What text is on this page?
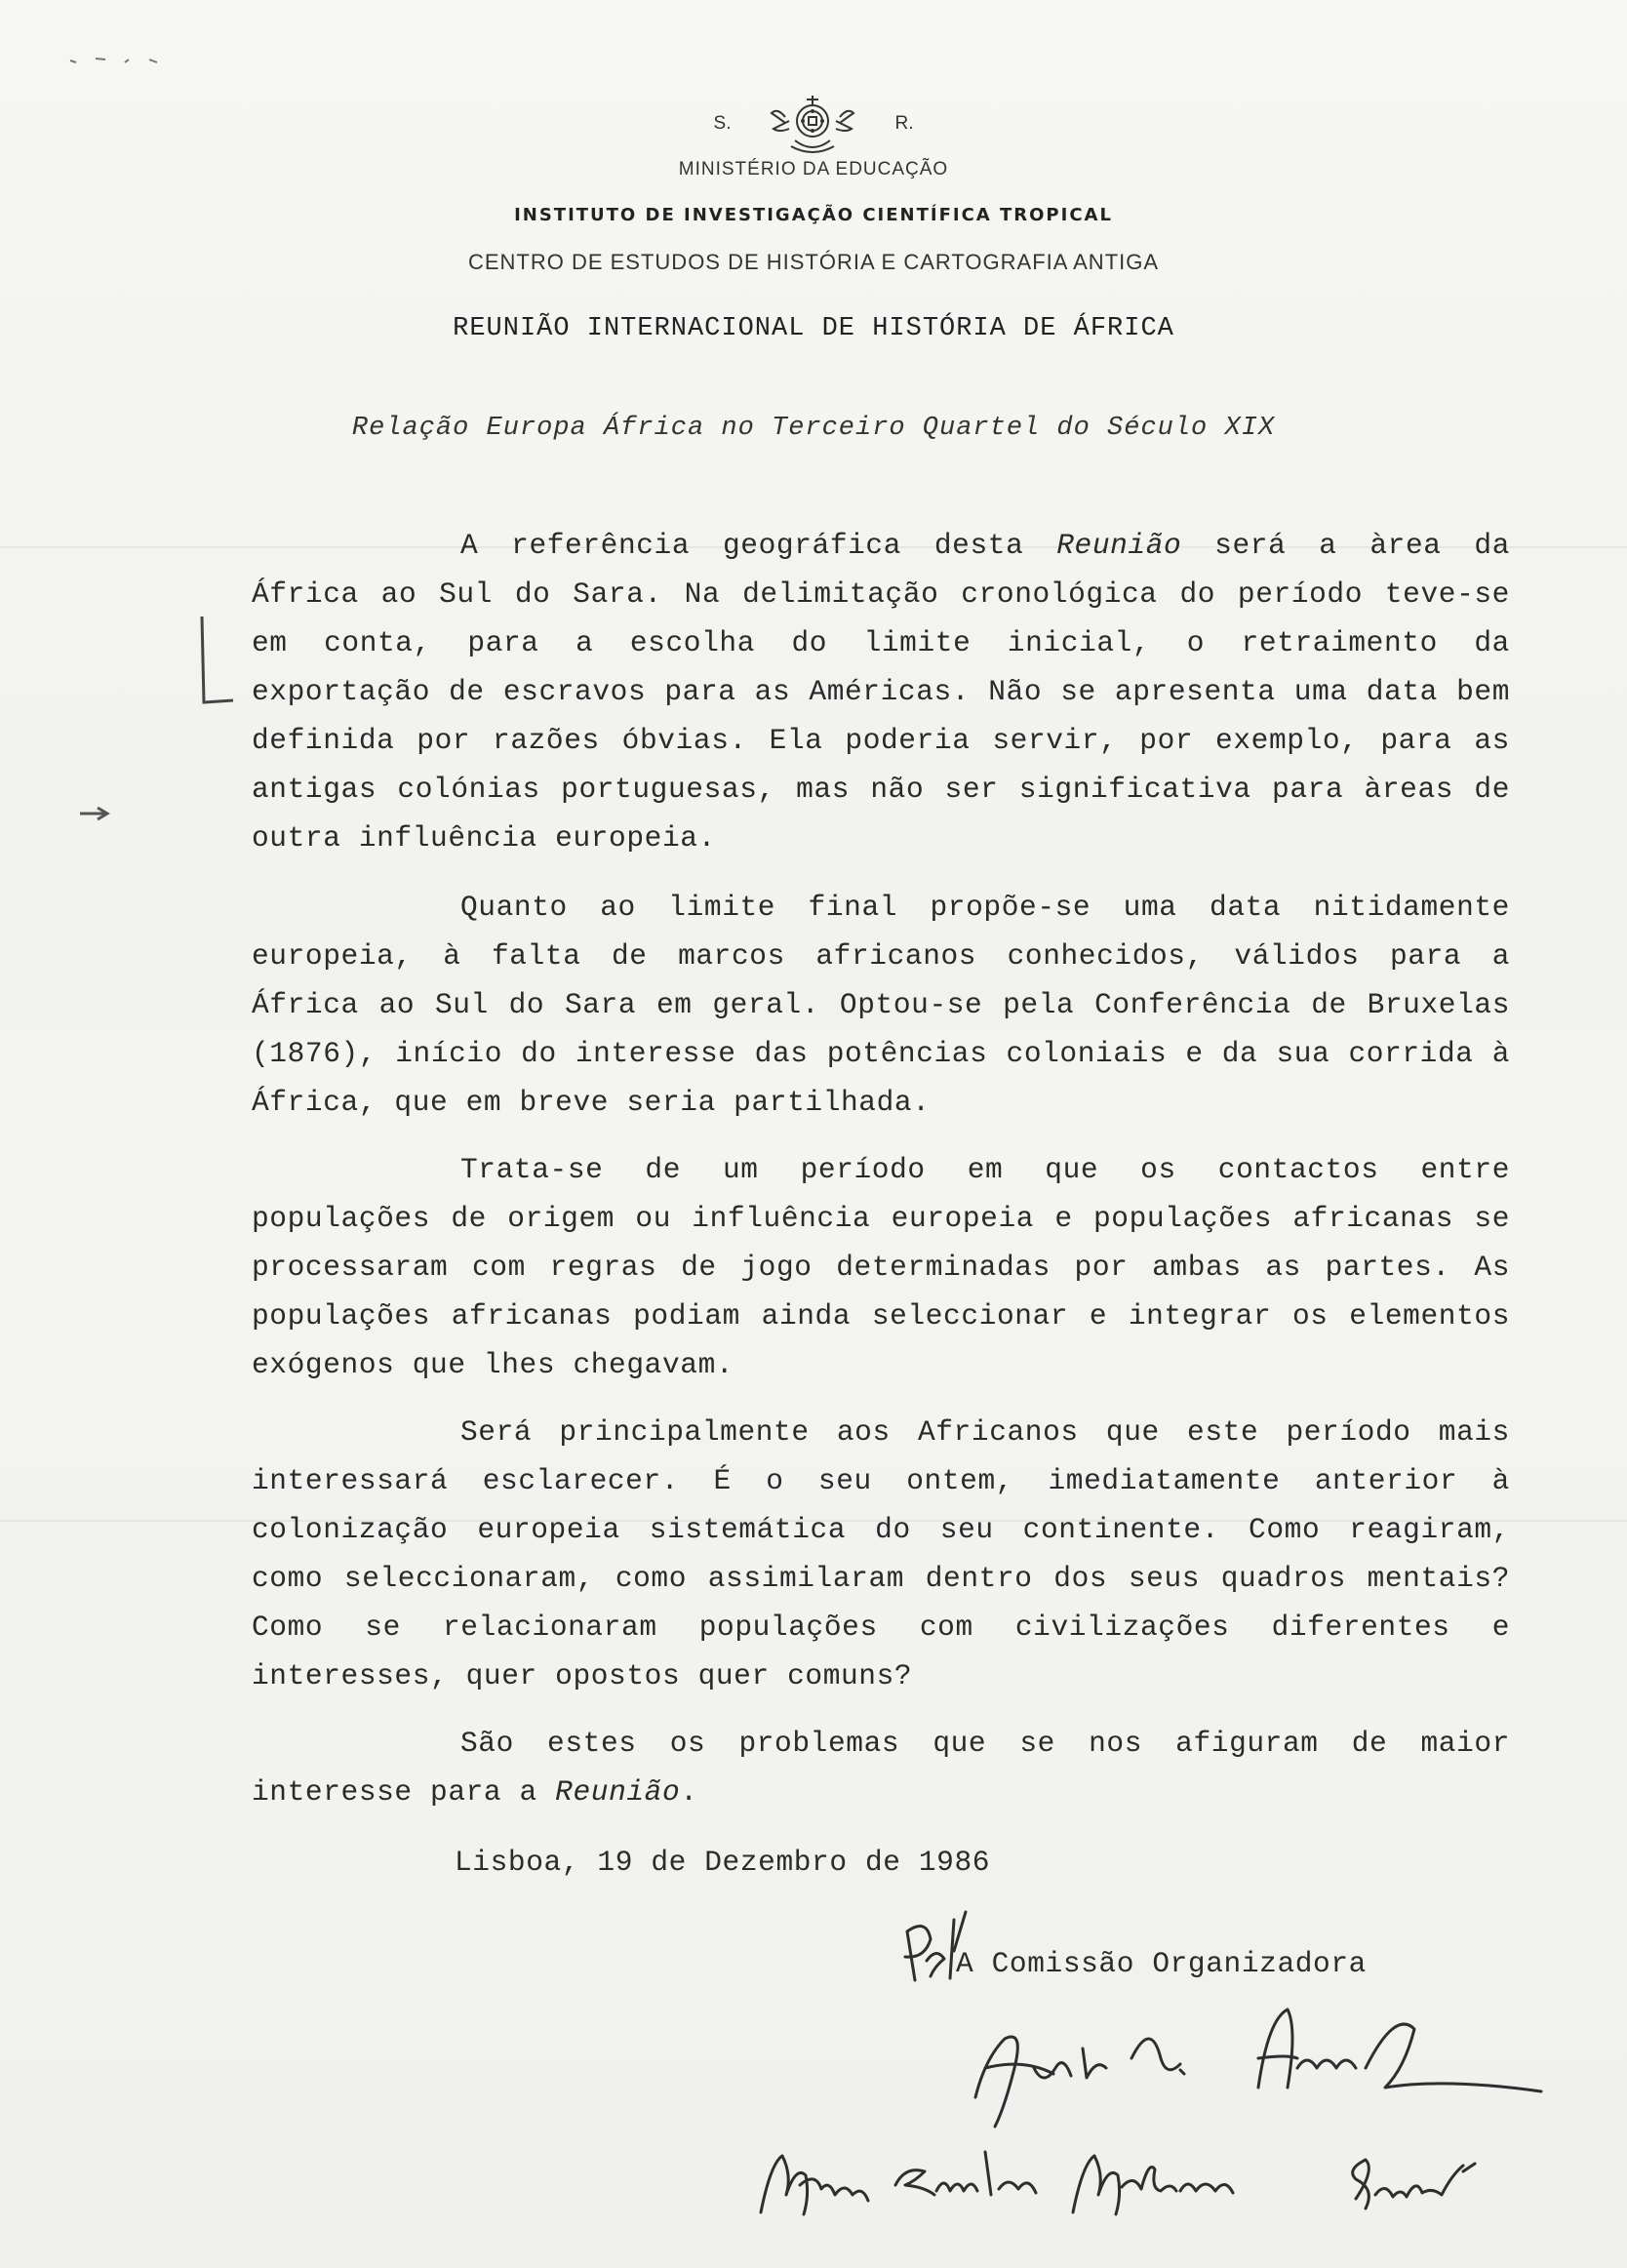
S.	R.
MINISTÉRIO DA EDUCAÇÃO
INSTITUTO DE INVESTIGAÇÃO CIENTÍFICA TROPICAL
CENTRO DE ESTUDOS DE HISTÓRIA E CARTOGRAFIA ANTIGA
REUNIÃO INTERNACIONAL DE HISTÓRIA DE ÁFRICA
Relação Europa África no Terceiro Quartel do Século XIX
A referência geográfica desta Reunião será a àrea da África ao Sul do Sara. Na delimitação cronológica do período teve-se em conta, para a escolha do limite inicial, o retraimento da exportação de escravos para as Américas. Não se apresenta uma data bem definida por razões óbvias. Ela poderia servir, por exemplo, para as antigas colónias portuguesas, mas não ser significativa para àreas de outra influência europeia.
Quanto ao limite final propõe-se uma data nitidamente europeia, à falta de marcos africanos conhecidos, válidos para a África ao Sul do Sara em geral. Optou-se pela Conferência de Bruxelas (1876), início do interesse das potências coloniais e da sua corrida à África, que em breve seria partilhada.
Trata-se de um período em que os contactos entre populações de origem ou influência europeia e populações africanas se processaram com regras de jogo determinadas por ambas as partes. As populações africanas podiam ainda seleccionar e integrar os elementos exógenos que lhes chegavam.
Será principalmente aos Africanos que este período mais interessará esclarecer. É o seu ontem, imediatamente anterior à colonização europeia sistemática do seu continente. Como reagiram, como seleccionaram, como assimilaram dentro dos seus quadros mentais? Como se relacionaram populações com civilizações diferentes e interesses, quer opostos quer comuns?
São estes os problemas que se nos afiguram de maior interesse para a Reunião.
Lisboa, 19 de Dezembro de 1986
A Comissão Organizadora
